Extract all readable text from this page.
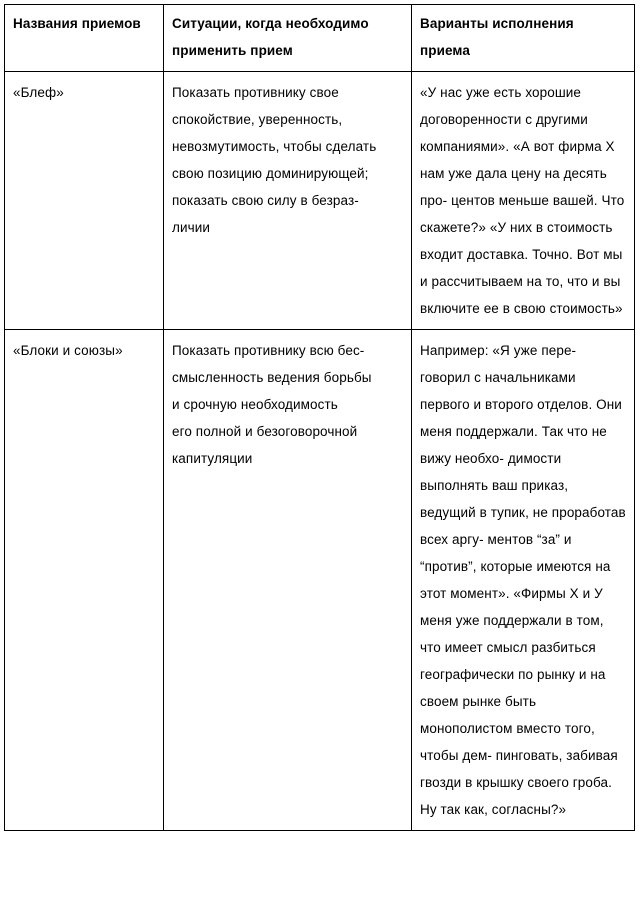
Названия приемов	Ситуации, когда необходимо
применить прием	Варианты исполнения
приема

«Блеф»	Показать противнику свое
спокойствие, уверенность,
невозмутимость, чтобы сделать
свою позицию доминирующей;
показать свою силу в безраз-
личии
	«У нас уже есть хорошие договоренности с другими компаниями». «А вот фирма Х нам уже дала цену на десять про- центов меньше вашей. Что скажете?» «У них в стоимость входит доставка. Точно. Вот мы и рассчитываем на то, что и вы включите ее в свою стоимость»

«Блоки и союзы»	Показать противнику всю бес-
смысленность ведения борьбы
и срочную необходимость
его полной и безоговорочной
капитуляции
	Например: «Я уже пере- говорил с начальниками первого и второго отделов. Они меня поддержали. Так что не вижу необхо- димости выполнять ваш приказ, ведущий в тупик, не проработав всех аргу- ментов “за” и “против”, которые имеются на этот момент». «Фирмы Х и У меня уже поддержали в том, что имеет смысл разбиться географически по рынку и на своем рынке быть монополистом вместо того, чтобы дем- пинговать, забивая гвозди в крышку своего гроба. Ну так как, согласны?»
